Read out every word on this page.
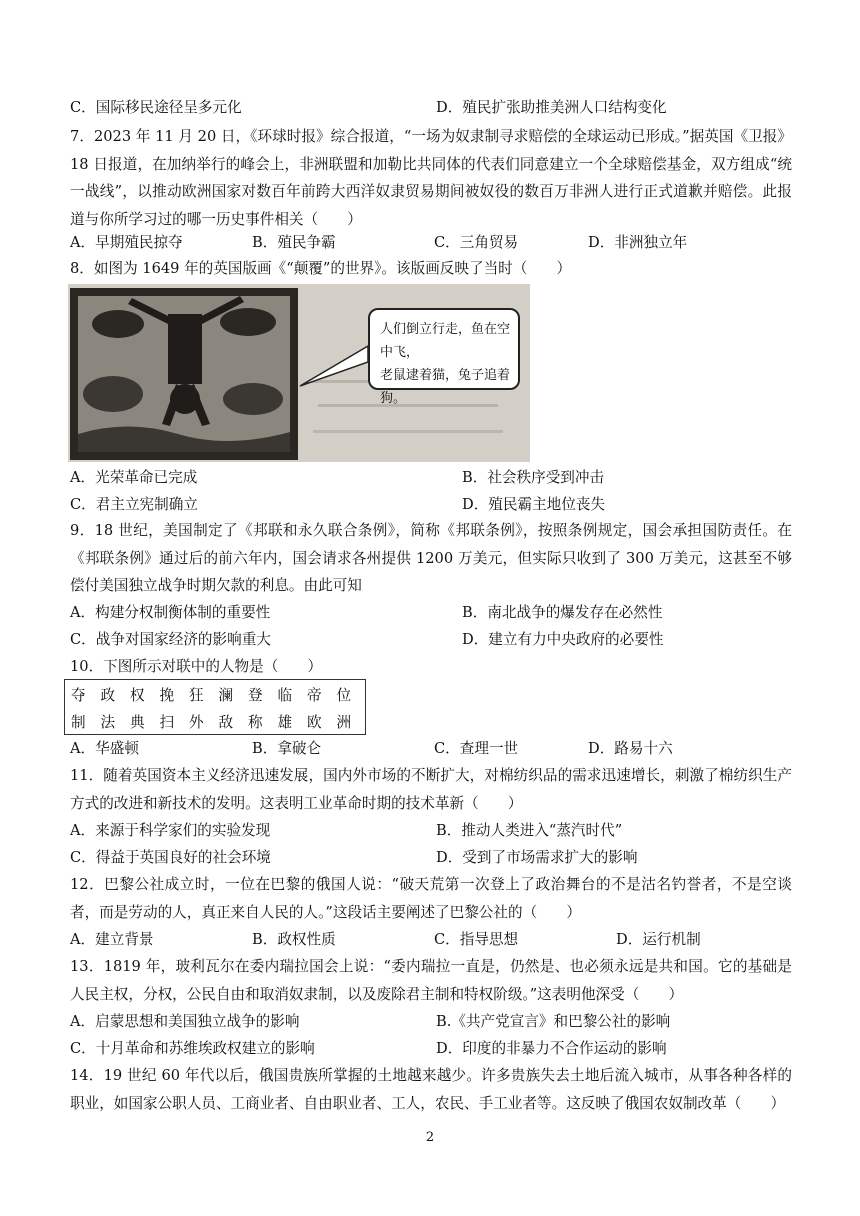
C．国际移民途径呈多元化	D．殖民扩张助推美洲人口结构变化
7．2023 年 11 月 20 日，《环球时报》综合报道，“一场为奴隶制寻求赔偿的全球运动已形成。”据英国《卫报》18 日报道，在加纳举行的峰会上，非洲联盟和加勒比共同体的代表们同意建立一个全球赔偿基金，双方组成“统一战线”，以推动欧洲国家对数百年前跨大西洋奴隶贸易期间被奴役的数百万非洲人进行正式道歉并赔偿。此报道与你所学习过的哪一历史事件相关（　　）
A．早期殖民掠夺	B．殖民争霸	C．三角贸易	D．非洲独立年
8．如图为 1649 年的英国版画《“颠覆”的世界》。该版画反映了当时（　　）
人们倒立行走，鱼在空中飞，
老鼠逮着猫，兔子追着狗。
A．光荣革命已完成	B．社会秩序受到冲击
C．君主立宪制确立	D．殖民霸主地位丧失
9．18 世纪，美国制定了《邦联和永久联合条例》，简称《邦联条例》，按照条例规定，国会承担国防责任。在《邦联条例》通过后的前六年内，国会请求各州提供 1200 万美元，但实际只收到了 300 万美元，这甚至不够偿付美国独立战争时期欠款的利息。由此可知
A．构建分权制衡体制的重要性	B．南北战争的爆发存在必然性
C．战争对国家经济的影响重大	D．建立有力中央政府的必要性
10．下图所示对联中的人物是（　　）
夺	政	权	挽	狂	澜	登	临	帝	位
制	法	典	扫	外	敌	称	雄	欧	洲
A．华盛顿	B．拿破仑	C．查理一世	D．路易十六
11．随着英国资本主义经济迅速发展，国内外市场的不断扩大，对棉纺织品的需求迅速增长，刺激了棉纺织生产方式的改进和新技术的发明。这表明工业革命时期的技术革新（　　）
A．来源于科学家们的实验发现	B．推动人类进入“蒸汽时代”
C．得益于英国良好的社会环境	D．受到了市场需求扩大的影响
12．巴黎公社成立时，一位在巴黎的俄国人说：“破天荒第一次登上了政治舞台的不是沽名钓誉者，不是空谈者，而是劳动的人，真正来自人民的人。”这段话主要阐述了巴黎公社的（　　）
A．建立背景	B．政权性质	C．指导思想	D．运行机制
13．1819 年，玻利瓦尔在委内瑞拉国会上说：“委内瑞拉一直是，仍然是、也必须永远是共和国。它的基础是人民主权，分权，公民自由和取消奴隶制，以及废除君主制和特权阶级。”这表明他深受（　　）
A．启蒙思想和美国独立战争的影响	B.《共产党宣言》和巴黎公社的影响
C．十月革命和苏维埃政权建立的影响	D．印度的非暴力不合作运动的影响
14．19 世纪 60 年代以后，俄国贵族所掌握的土地越来越少。许多贵族失去土地后流入城市，从事各种各样的职业，如国家公职人员、工商业者、自由职业者、工人，农民、手工业者等。这反映了俄国农奴制改革（　　）
2
